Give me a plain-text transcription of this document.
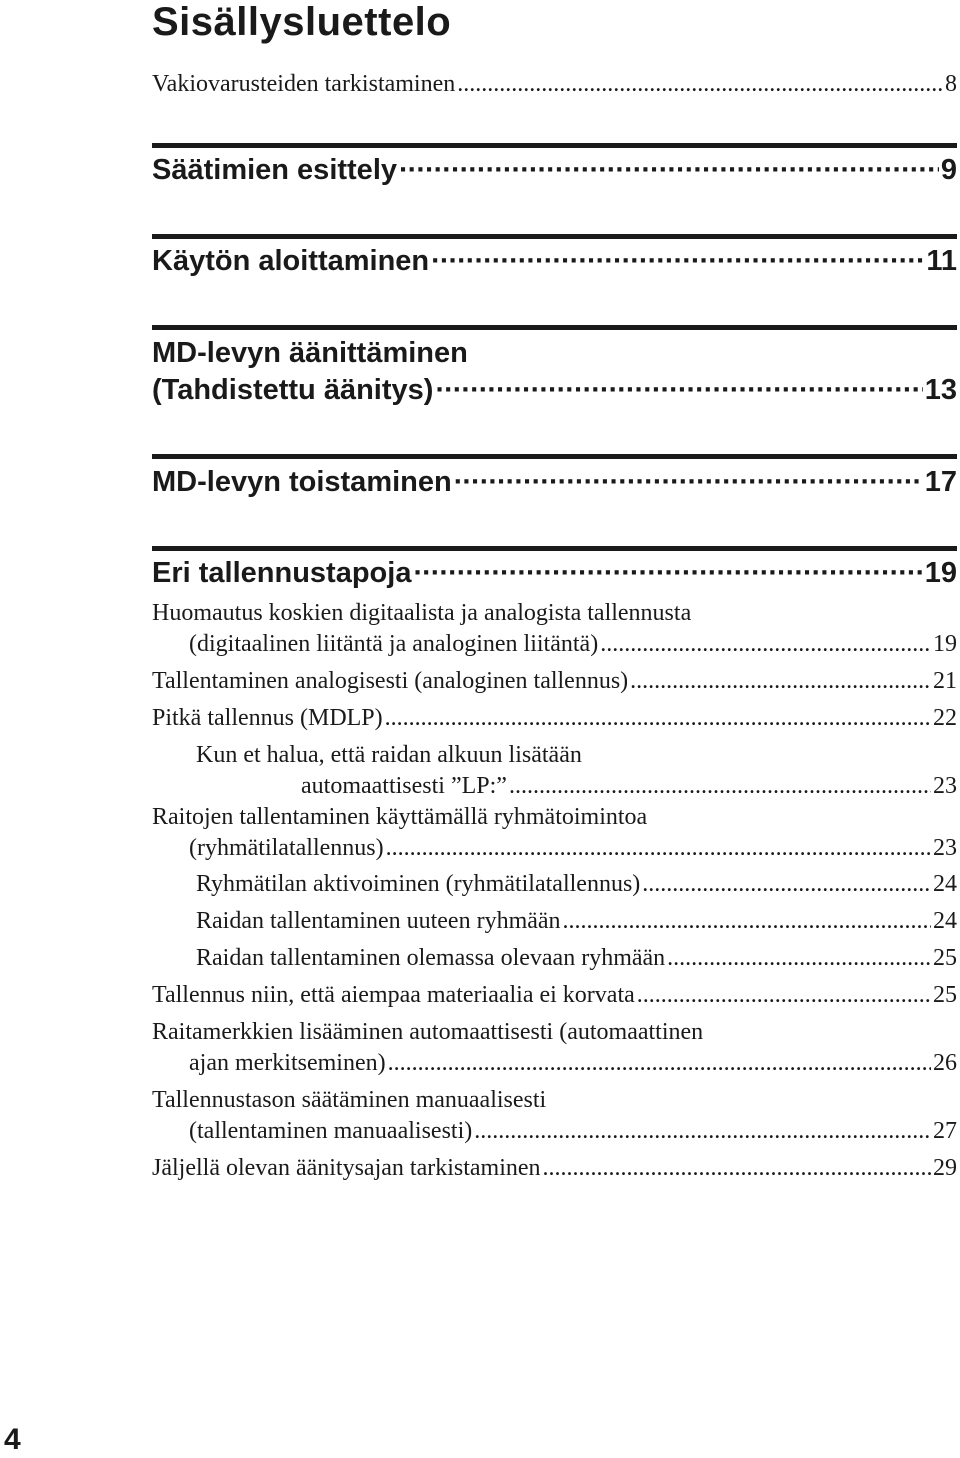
Sisällysluettelo
Vakiovarusteiden tarkistaminen .....	8
Säätimien esittely ·····	9
Käytön aloittaminen ·····	11
MD-levyn äänittäminen
(Tahdistettu äänitys) ·····	13
MD-levyn toistaminen ·····	17
Eri tallennustapoja ·····	19
Huomautus koskien digitaalista ja analogista tallennusta
(digitaalinen liitäntä ja analoginen liitäntä) .....	19
Tallentaminen analogisesti (analoginen tallennus) .....	21
Pitkä tallennus (MDLP) .....	22
Kun et halua, että raidan alkuun lisätään
automaattisesti ”LP:” .....	23
Raitojen tallentaminen käyttämällä ryhmätoimintoa
(ryhmätilatallennus) .....	23
Ryhmätilan aktivoiminen (ryhmätilatallennus) .....	24
Raidan tallentaminen uuteen ryhmään .....	24
Raidan tallentaminen olemassa olevaan ryhmään .....	25
Tallennus niin, että aiempaa materiaalia ei korvata .....	25
Raitamerkkien lisääminen automaattisesti (automaattinen
ajan merkitseminen) .....	26
Tallennustason säätäminen manuaalisesti
(tallentaminen manuaalisesti) .....	27
Jäljellä olevan äänitysajan tarkistaminen .....	29
4
